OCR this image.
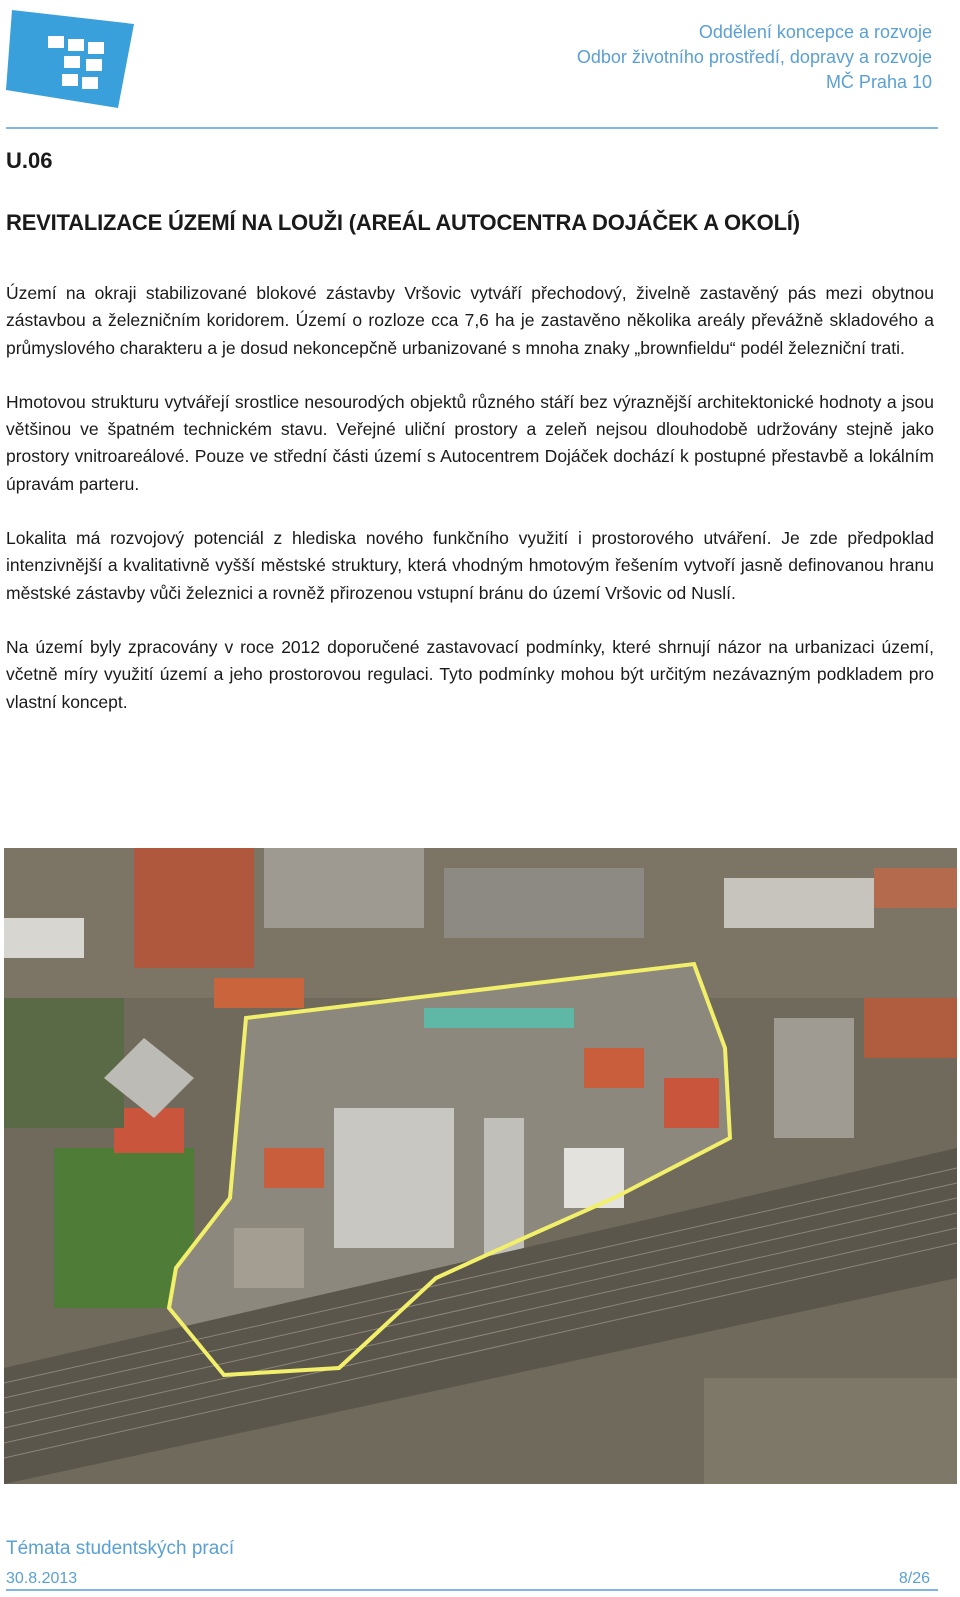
Oddělení koncepce a rozvoje
Odbor životního prostředí, dopravy a rozvoje
MČ Praha 10
U.06
REVITALIZACE ÚZEMÍ NA LOUŽI (AREÁL AUTOCENTRA DOJÁČEK A OKOLÍ)

Území na okraji stabilizované blokové zástavby Vršovic vytváří přechodový, živelně zastavěný pás mezi obytnou zástavbou a železničním koridorem. Území o rozloze cca 7,6 ha je zastavěno několika areály převážně skladového a průmyslového charakteru a je dosud nekoncepčně urbanizované s mnoha znaky „brownfieldu“ podél železniční trati.

Hmotovou strukturu vytvářejí srostlice nesourodých objektů různého stáří bez výraznější architektonické hodnoty a jsou většinou ve špatném technickém stavu. Veřejné uliční prostory a zeleň nejsou dlouhodobě udržovány stejně jako prostory vnitroareálové. Pouze ve střední části území s Autocentrem Dojáček dochází k postupné přestavbě a lokálním úpravám parteru.

Lokalita má rozvojový potenciál z hlediska nového funkčního využití i prostorového utváření. Je zde předpoklad intenzivnější a kvalitativně vyšší městské struktury, která vhodným hmotovým řešením vytvoří jasně definovanou hranu městské zástavby vůči železnici a rovněž přirozenou vstupní bránu do území Vršovic od Nuslí.

Na území byly zpracovány v roce 2012 doporučené zastavovací podmínky, které shrnují názor na urbanizaci území, včetně míry využití území a jeho prostorovou regulaci. Tyto podmínky mohou být určitým nezávazným podkladem pro vlastní koncept.

Témata studentských prací
30.8.2013	8/26
